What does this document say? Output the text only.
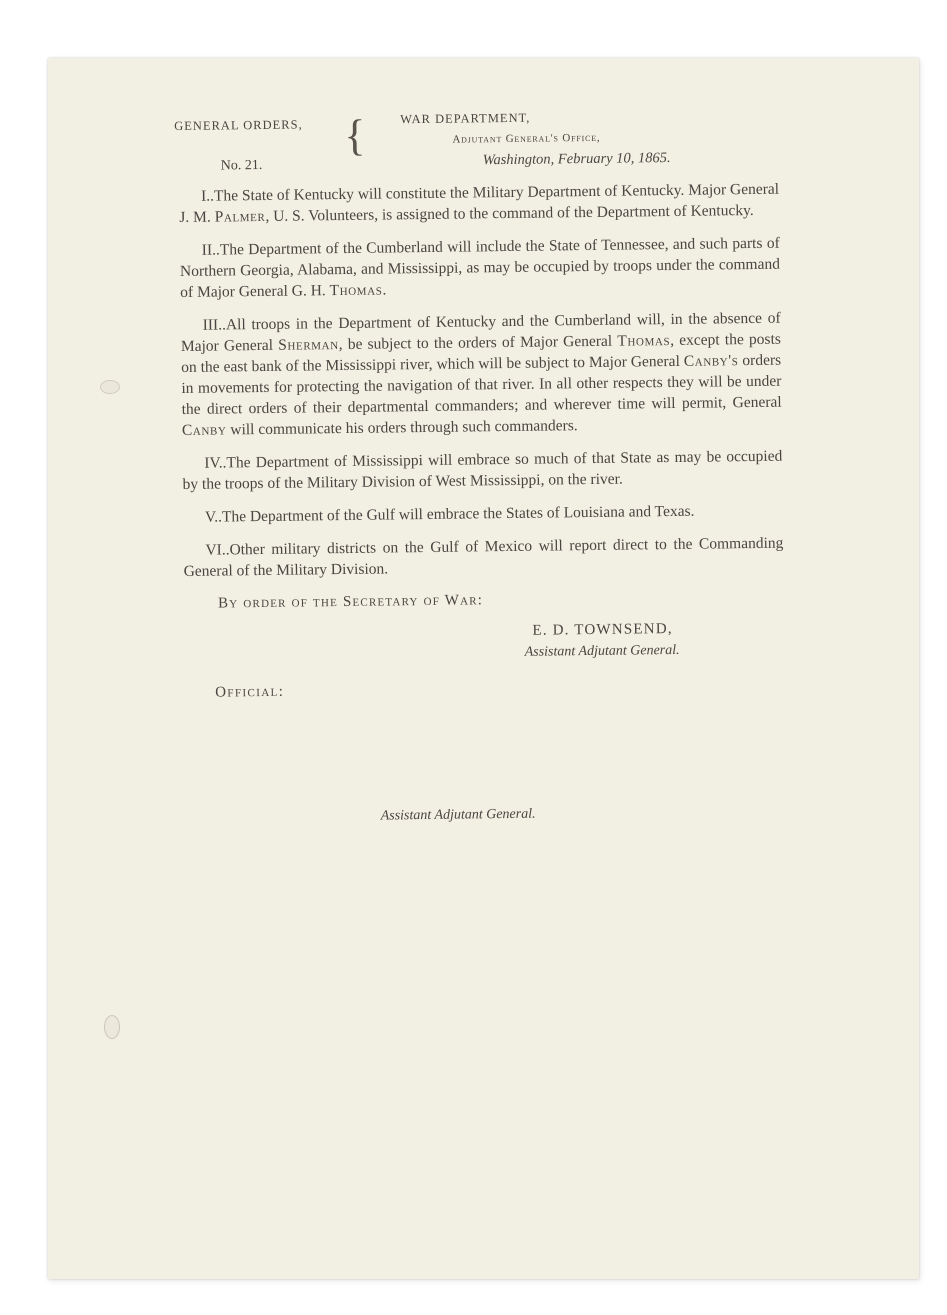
GENERAL ORDERS,
No. 21.
{	WAR DEPARTMENT,
Adjutant General's Office,
Washington, February 10, 1865.

I..The State of Kentucky will constitute the Military Department of Kentucky. Major General J. M. Palmer, U. S. Volunteers, is assigned to the command of the Department of Kentucky.

II..The Department of the Cumberland will include the State of Tennessee, and such parts of Northern Georgia, Alabama, and Mississippi, as may be occupied by troops under the command of Major General G. H. Thomas.

III..All troops in the Department of Kentucky and the Cumberland will, in the absence of Major General Sherman, be subject to the orders of Major General Thomas, except the posts on the east bank of the Mississippi river, which will be subject to Major General Canby's orders in movements for protecting the navigation of that river. In all other respects they will be under the direct orders of their departmental commanders; and wherever time will permit, General Canby will communicate his orders through such commanders.

IV..The Department of Mississippi will embrace so much of that State as may be occupied by the troops of the Military Division of West Mississippi, on the river.

V..The Department of the Gulf will embrace the States of Louisiana and Texas.

VI..Other military districts on the Gulf of Mexico will report direct to the Commanding General of the Military Division.

By order of the Secretary of War:
E. D. TOWNSEND,
Assistant Adjutant General.
Official:
Assistant Adjutant General.
